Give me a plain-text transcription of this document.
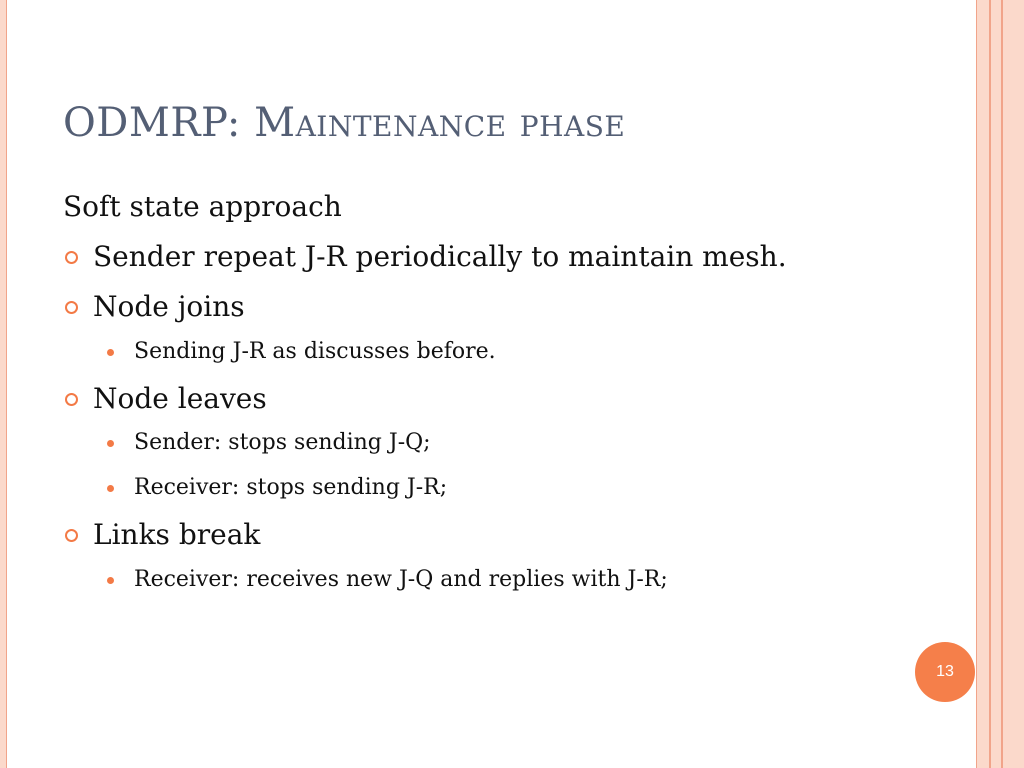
ODMRP: Maintenance phase
Soft state approach
Sender repeat J-R periodically to maintain mesh.
Node joins
Sending J-R as discusses before.
Node leaves
Sender: stops sending J-Q;
Receiver: stops sending J-R;
Links break
Receiver: receives new J-Q and replies with J-R;
13
